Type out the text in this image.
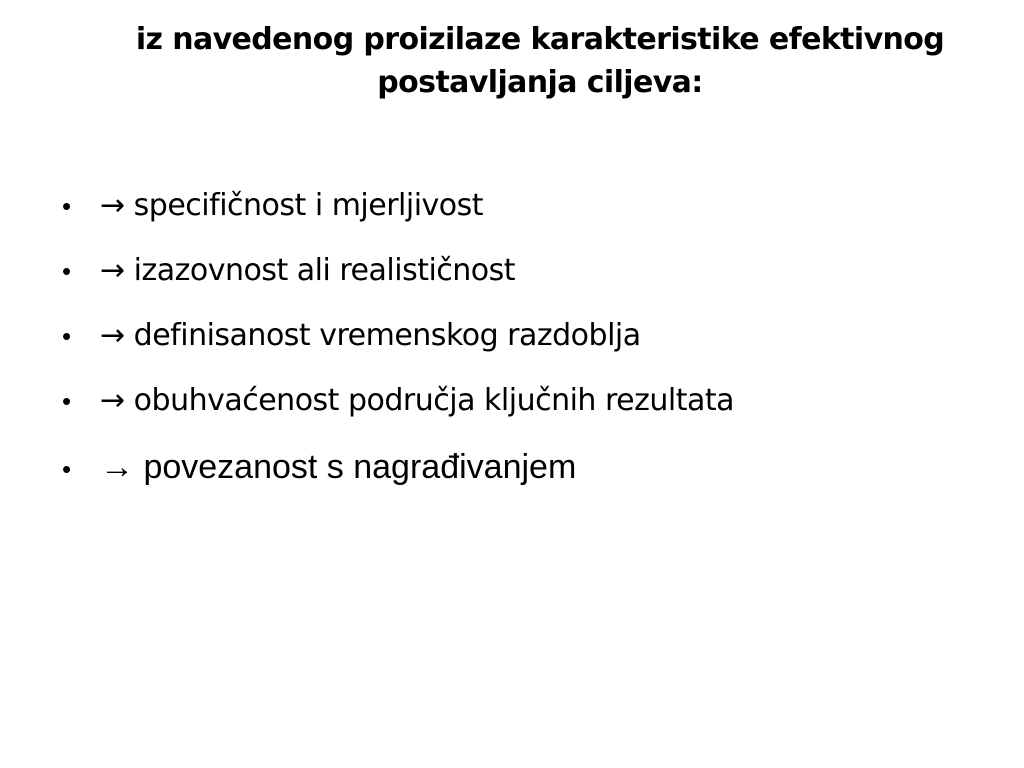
iz navedenog proizilaze karakteristike efektivnog postavljanja ciljeva:
• → specifičnost i mjerljivost
• → izazovnost ali realističnost
• → definisanost vremenskog razdoblja
• → obuhvaćenost područja ključnih rezultata
• → povezanost s nagrađivanjem
